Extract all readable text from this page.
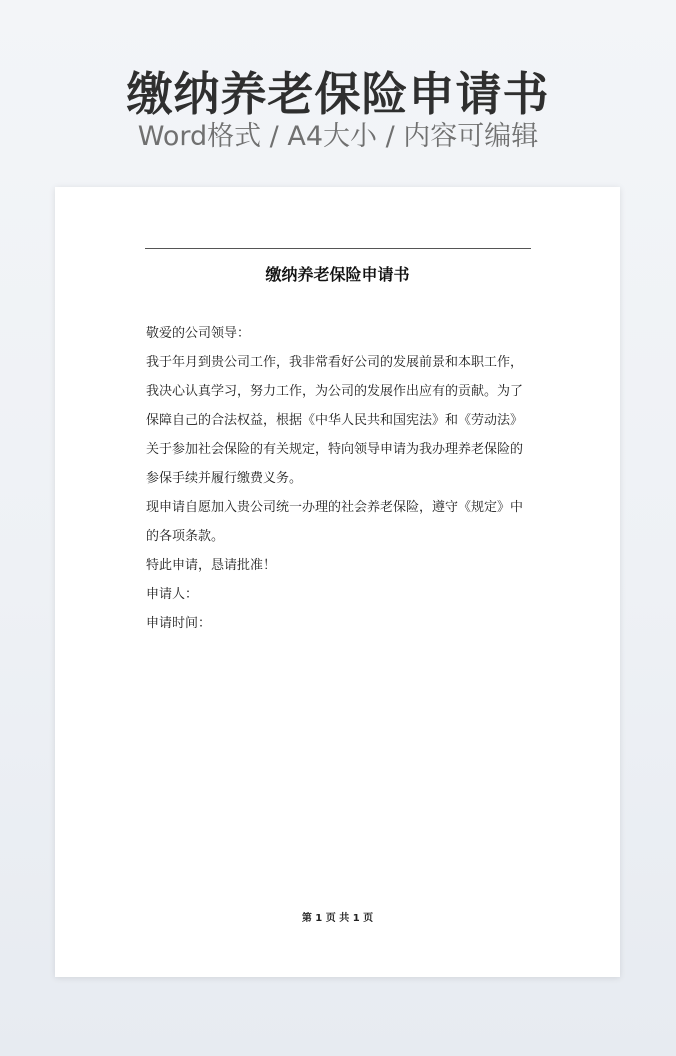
缴纳养老保险申请书
Word格式 / A4大小 / 内容可编辑
缴纳养老保险申请书

敬爱的公司领导：

我于年月到贵公司工作，我非常看好公司的发展前景和本职工作，我决心认真学习，努力工作，为公司的发展作出应有的贡献。为了保障自己的合法权益，根据《中华人民共和国宪法》和《劳动法》关于参加社会保险的有关规定，特向领导申请为我办理养老保险的参保手续并履行缴费义务。

现申请自愿加入贵公司统一办理的社会养老保险，遵守《规定》中的各项条款。

特此申请，恳请批准！

申请人：

申请时间：

第 1 页 共 1 页
